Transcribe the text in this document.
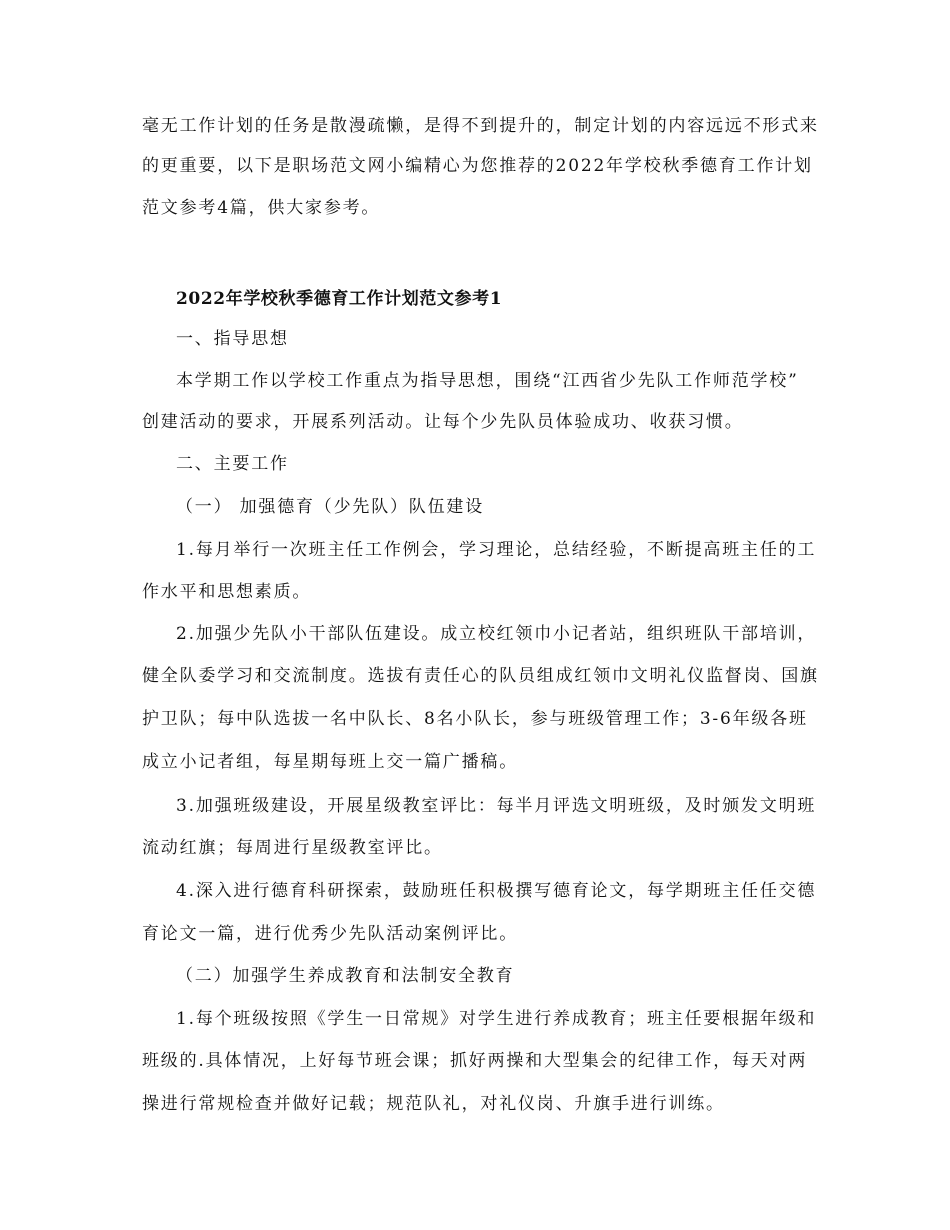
毫无工作计划的任务是散漫疏懒，是得不到提升的，制定计划的内容远远不形式来
的更重要，以下是职场范文网小编精心为您推荐的2022年学校秋季德育工作计划
范文参考4篇，供大家参考。
2022年学校秋季德育工作计划范文参考1
一、指导思想
本学期工作以学校工作重点为指导思想，围绕“江西省少先队工作师范学校”
创建活动的要求，开展系列活动。让每个少先队员体验成功、收获习惯。
二、主要工作
（一） 加强德育（少先队）队伍建设
1.每月举行一次班主任工作例会，学习理论，总结经验，不断提高班主任的工
作水平和思想素质。
2.加强少先队小干部队伍建设。成立校红领巾小记者站，组织班队干部培训，
健全队委学习和交流制度。选拔有责任心的队员组成红领巾文明礼仪监督岗、国旗
护卫队；每中队选拔一名中队长、8名小队长，参与班级管理工作；3-6年级各班
成立小记者组，每星期每班上交一篇广播稿。
3.加强班级建设，开展星级教室评比：每半月评选文明班级，及时颁发文明班
流动红旗；每周进行星级教室评比。
4.深入进行德育科研探索，鼓励班任积极撰写德育论文，每学期班主任任交德
育论文一篇，进行优秀少先队活动案例评比。
（二）加强学生养成教育和法制安全教育
1.每个班级按照《学生一日常规》对学生进行养成教育；班主任要根据年级和
班级的.具体情况，上好每节班会课；抓好两操和大型集会的纪律工作，每天对两
操进行常规检查并做好记载；规范队礼，对礼仪岗、升旗手进行训练。
